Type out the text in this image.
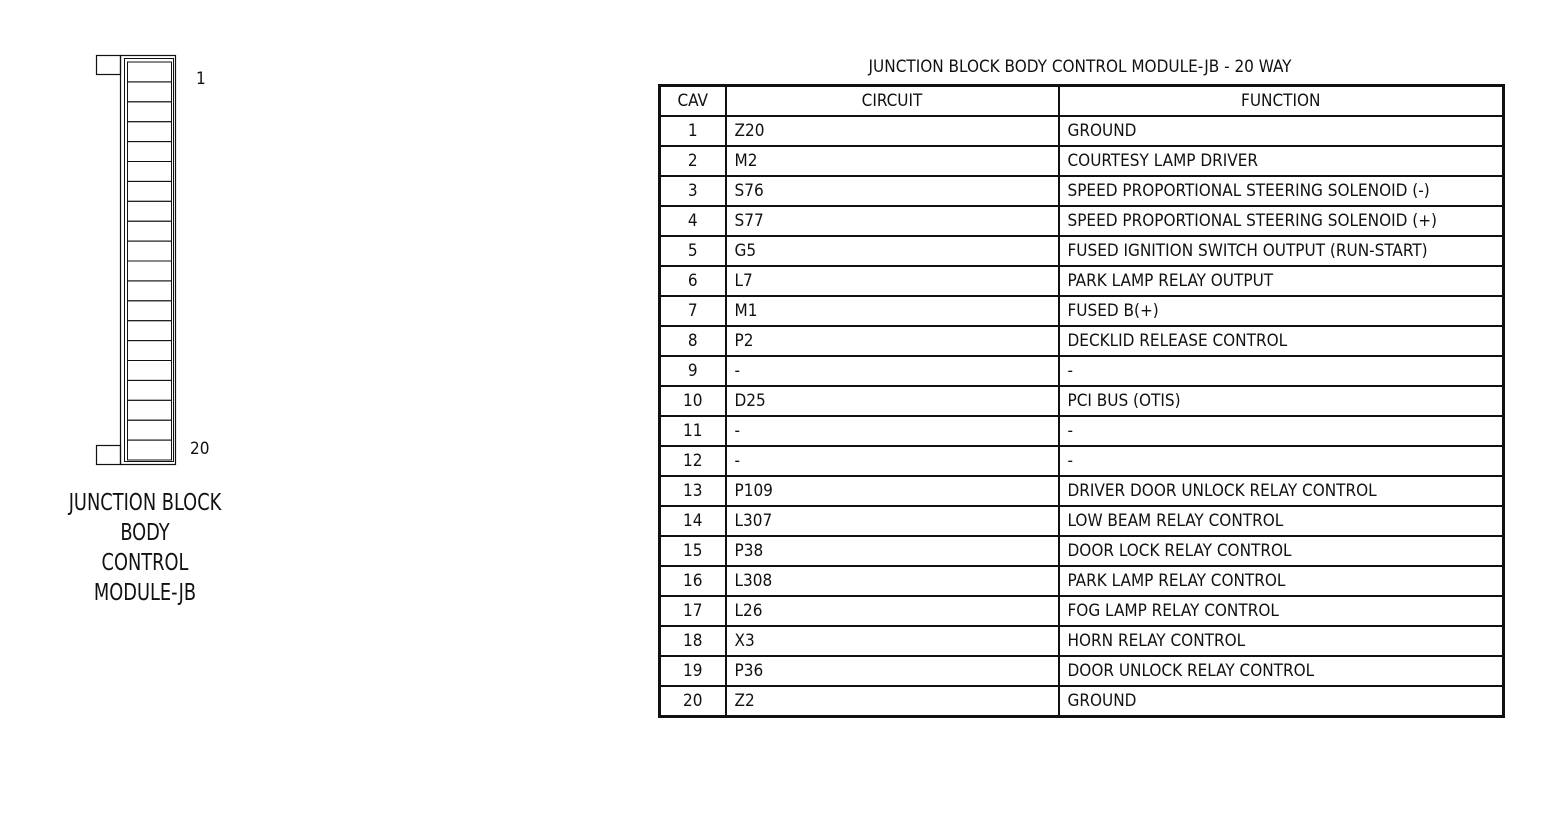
1
20
JUNCTION BLOCK
BODY
CONTROL
MODULE-JB
JUNCTION BLOCK BODY CONTROL MODULE-JB - 20 WAY
CAV	CIRCUIT	FUNCTION
1	Z20	GROUND
2	M2	COURTESY LAMP DRIVER
3	S76	SPEED PROPORTIONAL STEERING SOLENOID (-)
4	S77	SPEED PROPORTIONAL STEERING SOLENOID (+)
5	G5	FUSED IGNITION SWITCH OUTPUT (RUN-START)
6	L7	PARK LAMP RELAY OUTPUT
7	M1	FUSED B(+)
8	P2	DECKLID RELEASE CONTROL
9	-	-
10	D25	PCI BUS (OTIS)
11	-	-
12	-	-
13	P109	DRIVER DOOR UNLOCK RELAY CONTROL
14	L307	LOW BEAM RELAY CONTROL
15	P38	DOOR LOCK RELAY CONTROL
16	L308	PARK LAMP RELAY CONTROL
17	L26	FOG LAMP RELAY CONTROL
18	X3	HORN RELAY CONTROL
19	P36	DOOR UNLOCK RELAY CONTROL
20	Z2	GROUND
